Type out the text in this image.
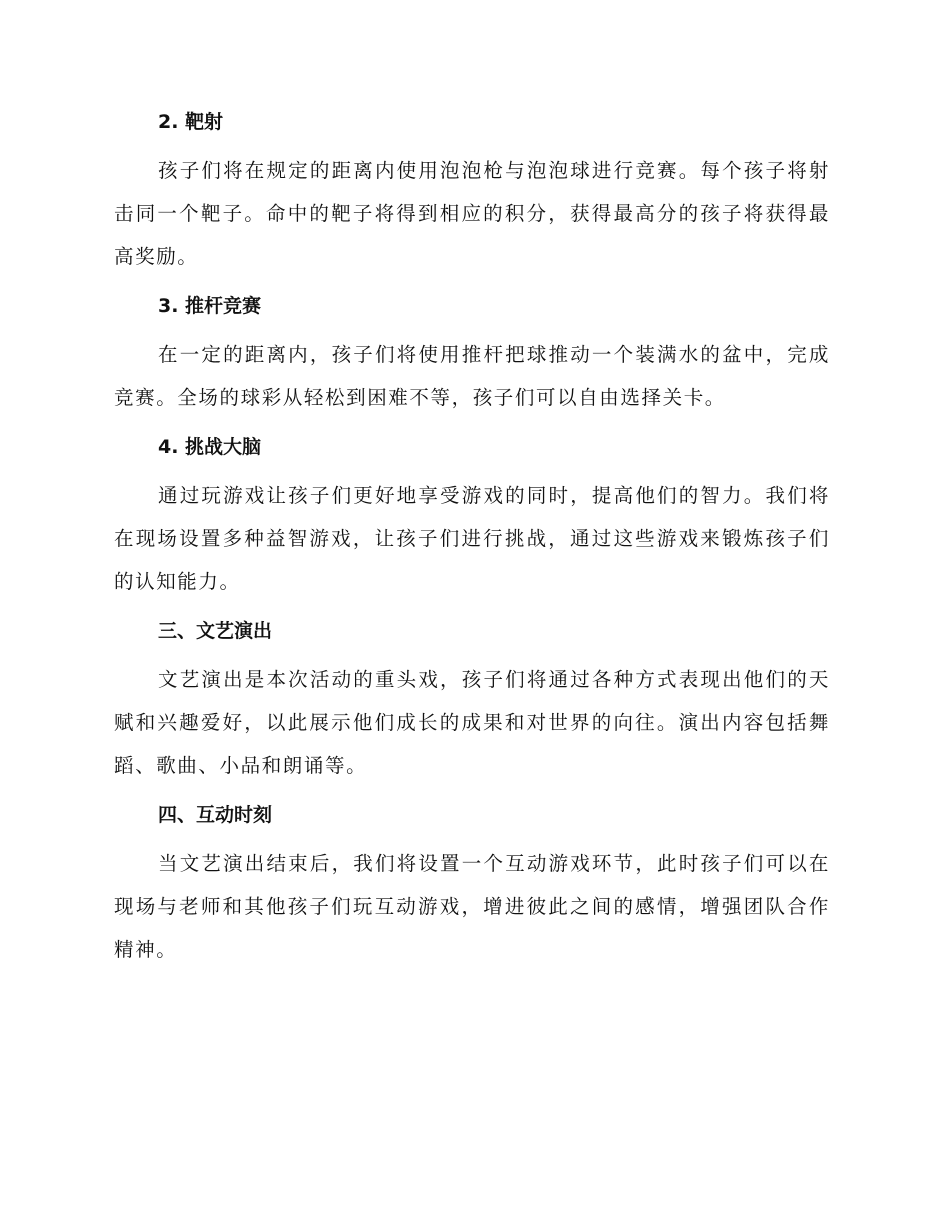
2. 靶射

孩子们将在规定的距离内使用泡泡枪与泡泡球进行竞赛。每个孩子将射击同一个靶子。命中的靶子将得到相应的积分，获得最高分的孩子将获得最高奖励。

3. 推杆竞赛

在一定的距离内，孩子们将使用推杆把球推动一个装满水的盆中，完成竞赛。全场的球彩从轻松到困难不等，孩子们可以自由选择关卡。

4. 挑战大脑

通过玩游戏让孩子们更好地享受游戏的同时，提高他们的智力。我们将在现场设置多种益智游戏，让孩子们进行挑战，通过这些游戏来锻炼孩子们的认知能力。

三、文艺演出

文艺演出是本次活动的重头戏，孩子们将通过各种方式表现出他们的天赋和兴趣爱好，以此展示他们成长的成果和对世界的向往。演出内容包括舞蹈、歌曲、小品和朗诵等。

四、互动时刻

当文艺演出结束后，我们将设置一个互动游戏环节，此时孩子们可以在现场与老师和其他孩子们玩互动游戏，增进彼此之间的感情，增强团队合作精神。
